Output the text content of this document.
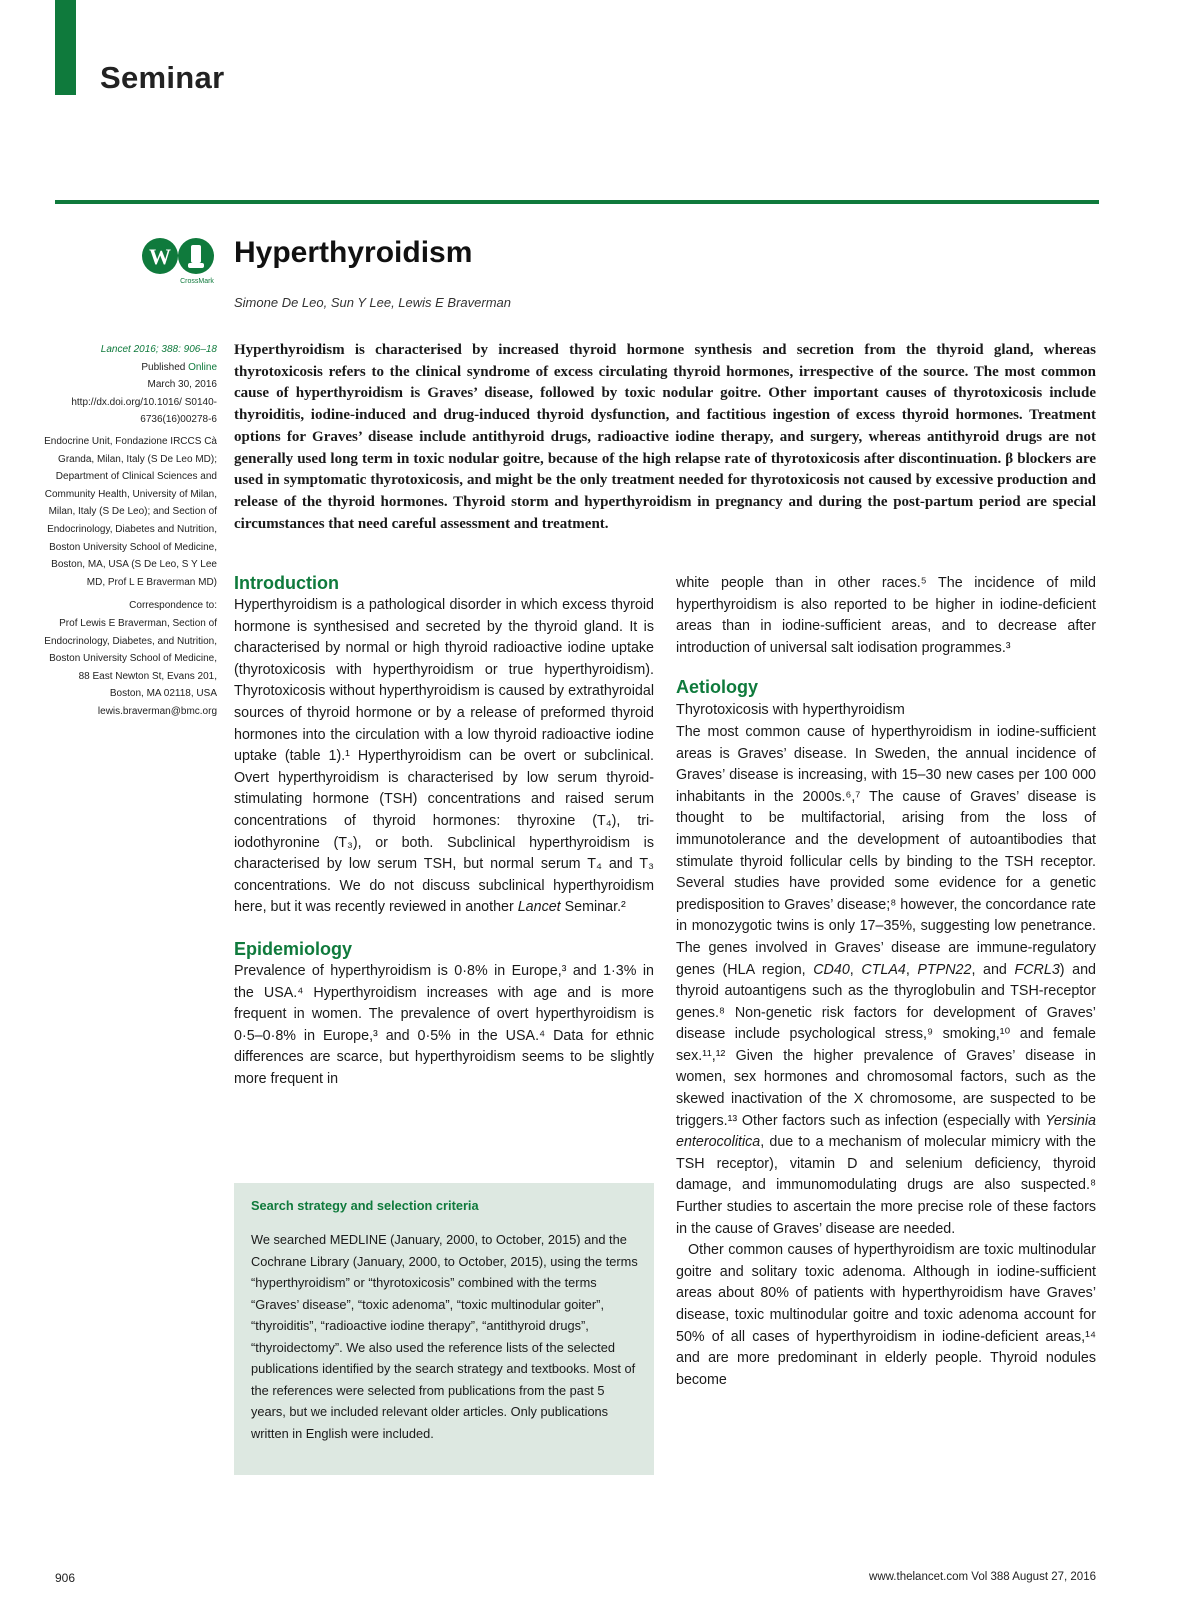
Seminar
W
CrossMark
Hyperthyroidism
Simone De Leo, Sun Y Lee, Lewis E Braverman
Lancet 2016; 388: 906–18
Published Online
March 30, 2016
http://dx.doi.org/10.1016/ S0140-6736(16)00278-6
Endocrine Unit, Fondazione IRCCS Cà Granda, Milan, Italy (S De Leo MD); Department of Clinical Sciences and Community Health, University of Milan, Milan, Italy (S De Leo); and Section of Endocrinology, Diabetes and Nutrition, Boston University School of Medicine, Boston, MA, USA (S De Leo, S Y Lee MD, Prof L E Braverman MD)
Correspondence to:
Prof Lewis E Braverman, Section of Endocrinology, Diabetes, and Nutrition, Boston University School of Medicine, 88 East Newton St, Evans 201, Boston, MA 02118, USA
lewis.braverman@bmc.org
Hyperthyroidism is characterised by increased thyroid hormone synthesis and secretion from the thyroid gland, whereas thyrotoxicosis refers to the clinical syndrome of excess circulating thyroid hormones, irrespective of the source. The most common cause of hyperthyroidism is Graves’ disease, followed by toxic nodular goitre. Other important causes of thyrotoxicosis include thyroiditis, iodine-induced and drug-induced thyroid dysfunction, and factitious ingestion of excess thyroid hormones. Treatment options for Graves’ disease include antithyroid drugs, radioactive iodine therapy, and surgery, whereas antithyroid drugs are not generally used long term in toxic nodular goitre, because of the high relapse rate of thyrotoxicosis after discontinuation. β blockers are used in symptomatic thyrotoxicosis, and might be the only treatment needed for thyrotoxicosis not caused by excessive production and release of the thyroid hormones. Thyroid storm and hyperthyroidism in pregnancy and during the post-partum period are special circumstances that need careful assessment and treatment.
Introduction

Hyperthyroidism is a pathological disorder in which excess thyroid hormone is synthesised and secreted by the thyroid gland. It is characterised by normal or high thyroid radioactive iodine uptake (thyrotoxicosis with hyperthyroidism or true hyperthyroidism). Thyrotoxicosis without hyperthyroidism is caused by extrathyroidal sources of thyroid hormone or by a release of preformed thyroid hormones into the circulation with a low thyroid radioactive iodine uptake (table 1).¹ Hyperthyroidism can be overt or subclinical. Overt hyperthyroidism is characterised by low serum thyroid-stimulating hormone (TSH) concentrations and raised serum concentrations of thyroid hormones: thyroxine (T₄), tri-iodothyronine (T₃), or both. Subclinical hyperthyroidism is characterised by low serum TSH, but normal serum T₄ and T₃ concentrations. We do not discuss subclinical hyperthyroidism here, but it was recently reviewed in another Lancet Seminar.²

Epidemiology

Prevalence of hyperthyroidism is 0·8% in Europe,³ and 1·3% in the USA.⁴ Hyperthyroidism increases with age and is more frequent in women. The prevalence of overt hyperthyroidism is 0·5–0·8% in Europe,³ and 0·5% in the USA.⁴ Data for ethnic differences are scarce, but hyperthyroidism seems to be slightly more frequent in

Search strategy and selection criteria
We searched MEDLINE (January, 2000, to October, 2015) and the Cochrane Library (January, 2000, to October, 2015), using the terms “hyperthyroidism” or “thyrotoxicosis” combined with the terms “Graves’ disease”, “toxic adenoma”, “toxic multinodular goiter”, “thyroiditis”, “radioactive iodine therapy”, “antithyroid drugs”, “thyroidectomy”. We also used the reference lists of the selected publications identified by the search strategy and textbooks. Most of the references were selected from publications from the past 5 years, but we included relevant older articles. Only publications written in English were included.

white people than in other races.⁵ The incidence of mild hyperthyroidism is also reported to be higher in iodine-deficient areas than in iodine-sufficient areas, and to decrease after introduction of universal salt iodisation programmes.³

Aetiology
Thyrotoxicosis with hyperthyroidism

The most common cause of hyperthyroidism in iodine-sufficient areas is Graves’ disease. In Sweden, the annual incidence of Graves’ disease is increasing, with 15–30 new cases per 100 000 inhabitants in the 2000s.⁶,⁷ The cause of Graves’ disease is thought to be multifactorial, arising from the loss of immunotolerance and the development of autoantibodies that stimulate thyroid follicular cells by binding to the TSH receptor. Several studies have provided some evidence for a genetic predisposition to Graves’ disease;⁸ however, the concordance rate in monozygotic twins is only 17–35%, suggesting low penetrance. The genes involved in Graves’ disease are immune-regulatory genes (HLA region, CD40, CTLA4, PTPN22, and FCRL3) and thyroid autoantigens such as the thyroglobulin and TSH-receptor genes.⁸ Non-genetic risk factors for development of Graves’ disease include psychological stress,⁹ smoking,¹⁰ and female sex.¹¹,¹² Given the higher prevalence of Graves’ disease in women, sex hormones and chromosomal factors, such as the skewed inactivation of the X chromosome, are suspected to be triggers.¹³ Other factors such as infection (especially with Yersinia enterocolitica, due to a mechanism of molecular mimicry with the TSH receptor), vitamin D and selenium deficiency, thyroid damage, and immunomodulating drugs are also suspected.⁸ Further studies to ascertain the more precise role of these factors in the cause of Graves’ disease are needed.

Other common causes of hyperthyroidism are toxic multinodular goitre and solitary toxic adenoma. Although in iodine-sufficient areas about 80% of patients with hyperthyroidism have Graves’ disease, toxic multinodular goitre and toxic adenoma account for 50% of all cases of hyperthyroidism in iodine-deficient areas,¹⁴ and are more predominant in elderly people. Thyroid nodules become

906	www.thelancet.com Vol 388 August 27, 2016
